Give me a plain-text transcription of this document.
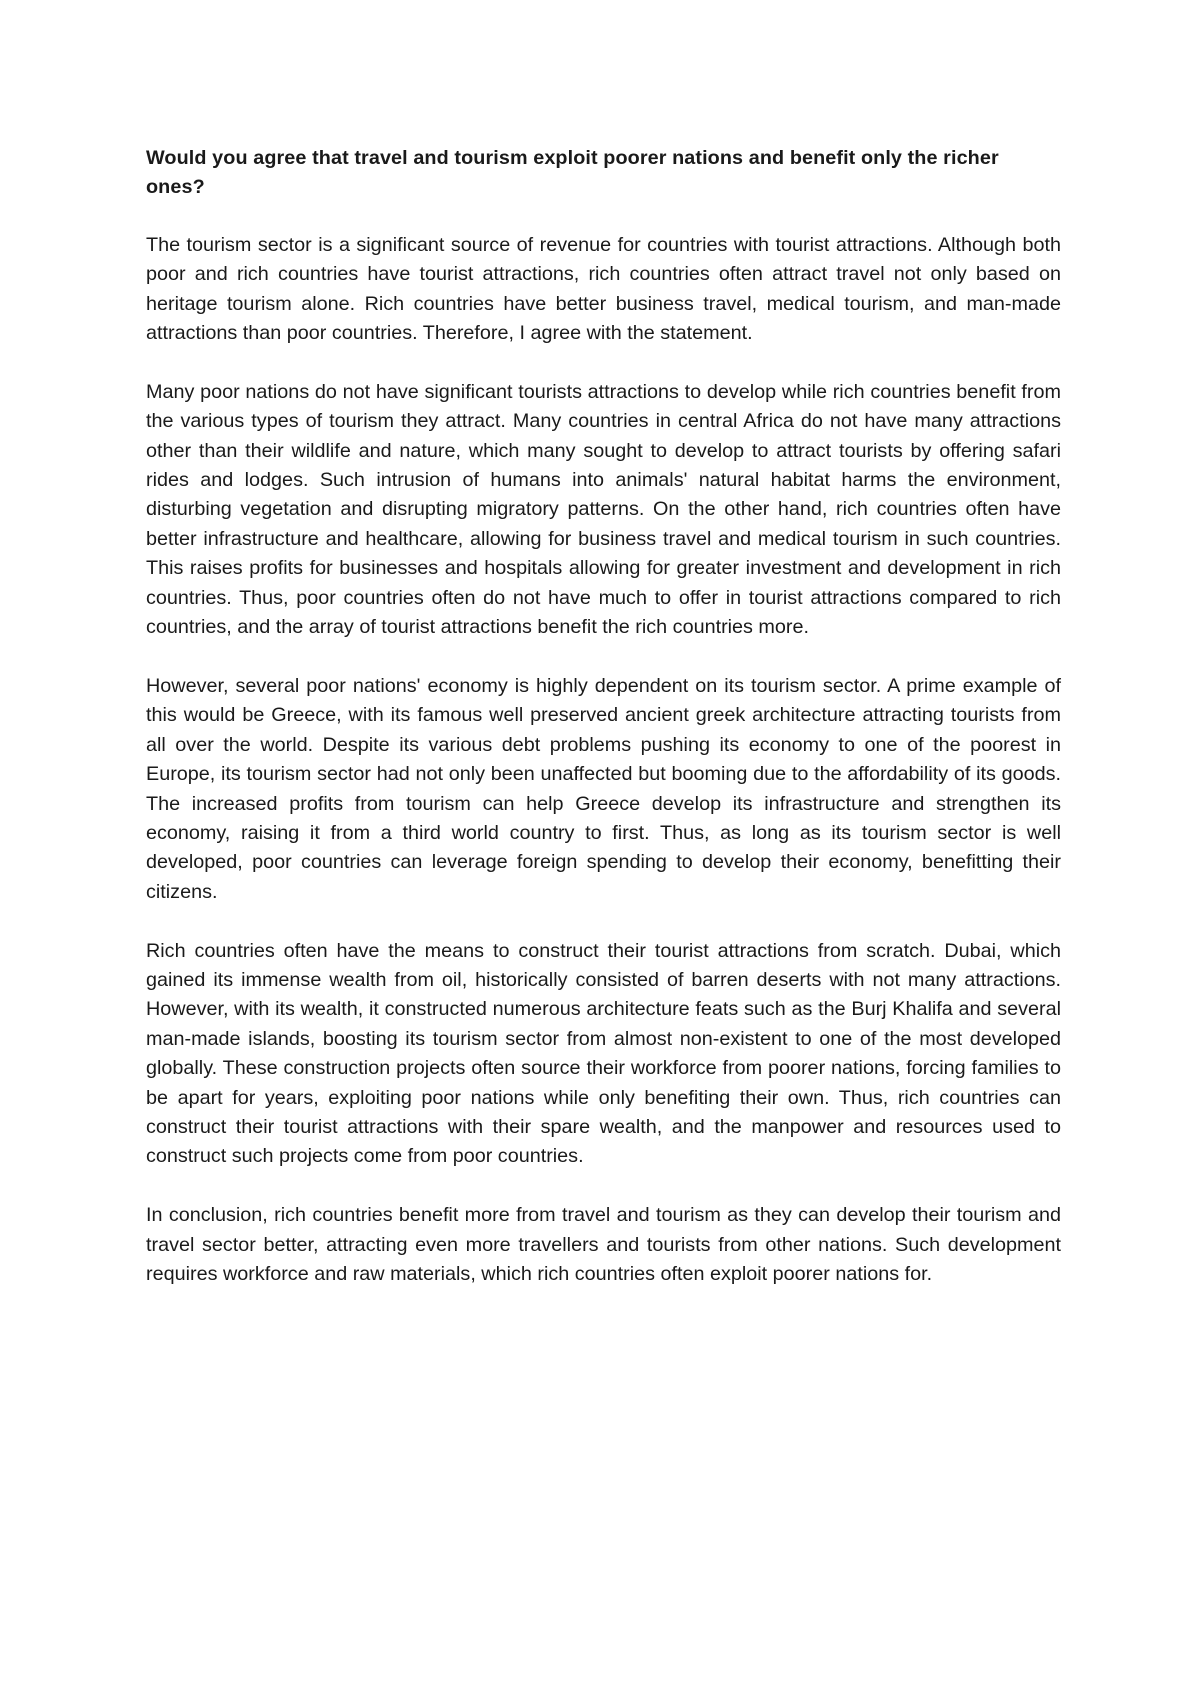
Would you agree that travel and tourism exploit poorer nations and benefit only the richer ones?

The tourism sector is a significant source of revenue for countries with tourist attractions. Although both poor and rich countries have tourist attractions, rich countries often attract travel not only based on heritage tourism alone. Rich countries have better business travel, medical tourism, and man-made attractions than poor countries. Therefore, I agree with the statement.

Many poor nations do not have significant tourists attractions to develop while rich countries benefit from the various types of tourism they attract. Many countries in central Africa do not have many attractions other than their wildlife and nature, which many sought to develop to attract tourists by offering safari rides and lodges. Such intrusion of humans into animals' natural habitat harms the environment, disturbing vegetation and disrupting migratory patterns. On the other hand, rich countries often have better infrastructure and healthcare, allowing for business travel and medical tourism in such countries. This raises profits for businesses and hospitals allowing for greater investment and development in rich countries. Thus, poor countries often do not have much to offer in tourist attractions compared to rich countries, and the array of tourist attractions benefit the rich countries more.

However, several poor nations' economy is highly dependent on its tourism sector. A prime example of this would be Greece, with its famous well preserved ancient greek architecture attracting tourists from all over the world. Despite its various debt problems pushing its economy to one of the poorest in Europe, its tourism sector had not only been unaffected but booming due to the affordability of its goods. The increased profits from tourism can help Greece develop its infrastructure and strengthen its economy, raising it from a third world country to first. Thus, as long as its tourism sector is well developed, poor countries can leverage foreign spending to develop their economy, benefitting their citizens.

Rich countries often have the means to construct their tourist attractions from scratch. Dubai, which gained its immense wealth from oil, historically consisted of barren deserts with not many attractions. However, with its wealth, it constructed numerous architecture feats such as the Burj Khalifa and several man-made islands, boosting its tourism sector from almost non-existent to one of the most developed globally. These construction projects often source their workforce from poorer nations, forcing families to be apart for years, exploiting poor nations while only benefiting their own. Thus, rich countries can construct their tourist attractions with their spare wealth, and the manpower and resources used to construct such projects come from poor countries.

In conclusion, rich countries benefit more from travel and tourism as they can develop their tourism and travel sector better, attracting even more travellers and tourists from other nations. Such development requires workforce and raw materials, which rich countries often exploit poorer nations for.
